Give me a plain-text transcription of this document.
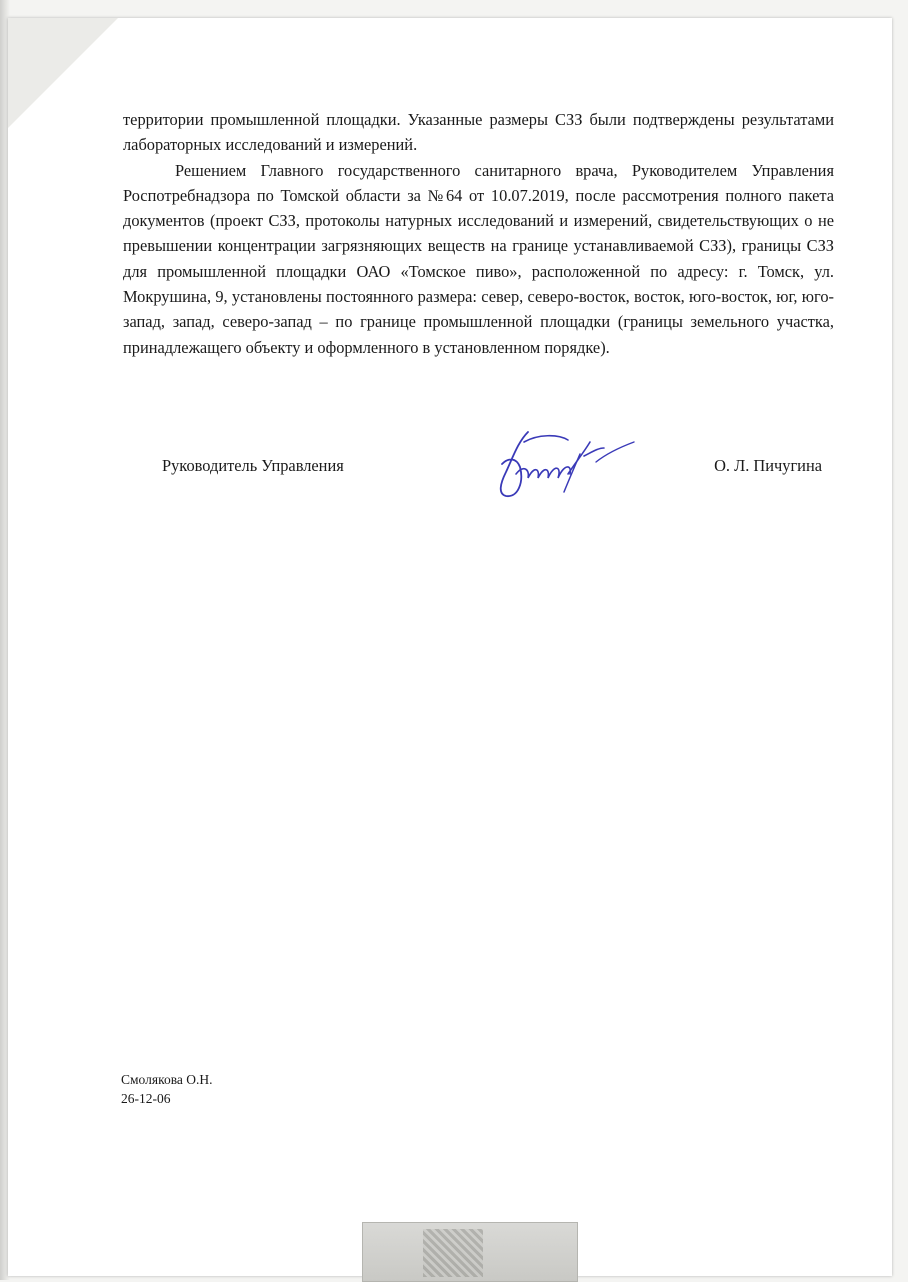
территории промышленной площадки. Указанные размеры СЗЗ были подтверждены результатами лабораторных исследований и измерений.

Решением Главного государственного санитарного врача, Руководителем Управления Роспотребнадзора по Томской области за №64 от 10.07.2019, после рассмотрения полного пакета документов (проект СЗЗ, протоколы натурных исследований и измерений, свидетельствующих о не превышении концентрации загрязняющих веществ на границе устанавливаемой СЗЗ), границы СЗЗ для промышленной площадки ОАО «Томское пиво», расположенной по адресу: г. Томск, ул. Мокрушина, 9, установлены постоянного размера: север, северо-восток, восток, юго-восток, юг, юго-запад, запад, северо-запад – по границе промышленной площадки (границы земельного участка, принадлежащего объекту и оформленного в установленном порядке).

Руководитель Управления	О. Л. Пичугина
Смолякова О.Н.
26-12-06
